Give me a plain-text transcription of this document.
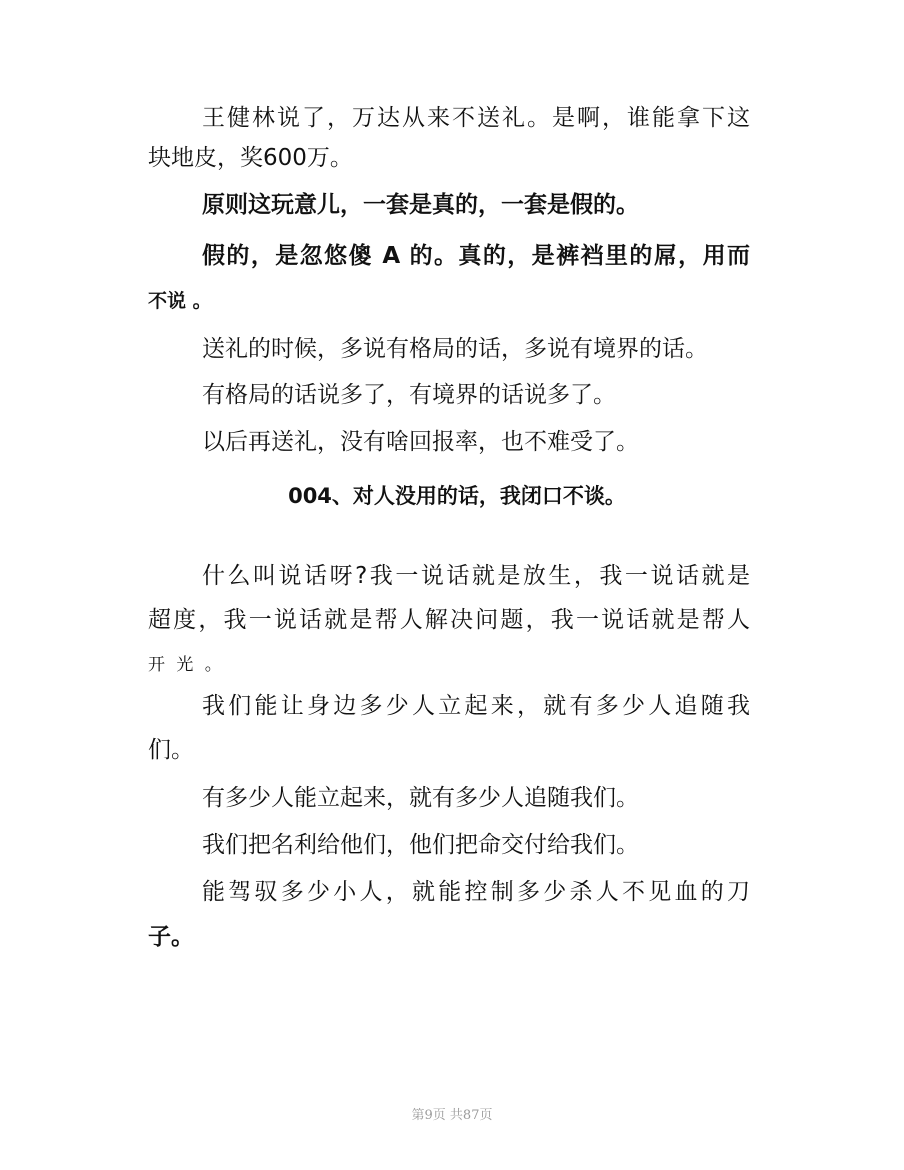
王健林说了，万达从来不送礼。是啊，谁能拿下这

块地皮，奖600万。

原则这玩意儿，一套是真的，一套是假的。

假的，是忽悠傻 A 的。真的，是裤裆里的屌，用而

不说 。

送礼的时候，多说有格局的话，多说有境界的话。

有格局的话说多了，有境界的话说多了。

以后再送礼，没有啥回报率，也不难受了。

004、对人没用的话，我闭口不谈。

什么叫说话呀?我一说话就是放生，我一说话就是

超度，我一说话就是帮人解决问题，我一说话就是帮人

开 光 。

我们能让身边多少人立起来，就有多少人追随我

们。

有多少人能立起来，就有多少人追随我们。

我们把名利给他们，他们把命交付给我们。

能驾驭多少小人，就能控制多少杀人不见血的刀

子。

第9页 共87页
